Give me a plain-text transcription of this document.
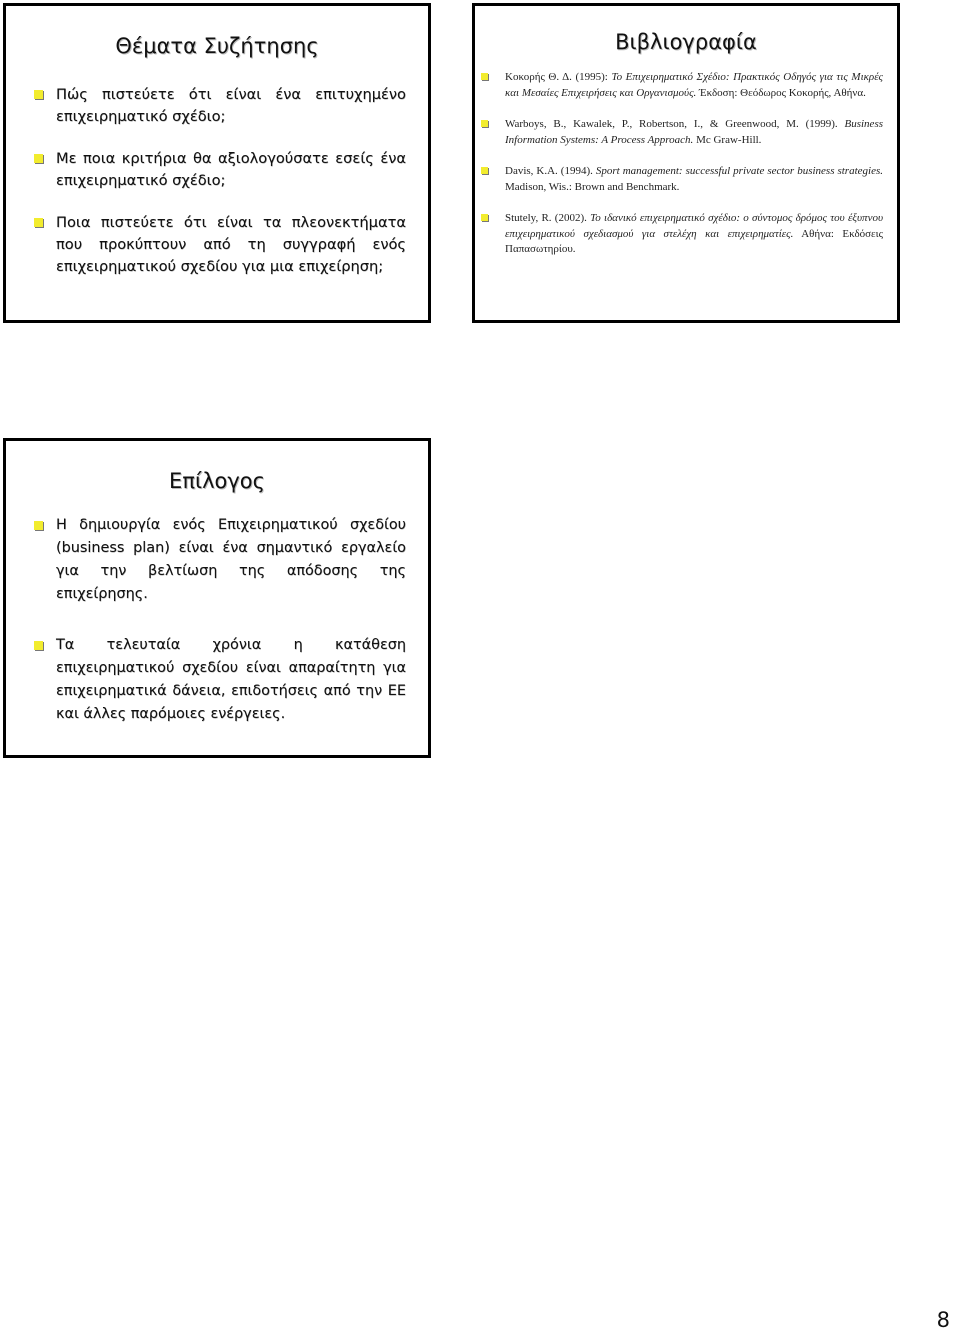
Θέματα Συζήτησης
Πώς πιστεύετε ότι είναι ένα επιτυχημένο επιχειρηματικό σχέδιο;
Με ποια κριτήρια θα αξιολογούσατε εσείς ένα επιχειρηματικό σχέδιο;
Ποια πιστεύετε ότι είναι τα πλεονεκτήματα που προκύπτουν από τη συγγραφή ενός επιχειρηματικού σχεδίου για μια επιχείρηση;
Βιβλιογραφία
Κοκορής Θ. Δ. (1995): Το Επιχειρηματικό Σχέδιο: Πρακτικός Οδηγός για τις Μικρές και Μεσαίες Επιχειρήσεις και Οργανισμούς. Έκδοση: Θεόδωρος Κοκορής, Αθήνα.
Warboys, B., Kawalek, P., Robertson, I., & Greenwood, M. (1999). Business Information Systems: A Process Approach. Mc Graw-Hill.
Davis, K.A. (1994). Sport management: successful private sector business strategies. Madison, Wis.: Brown and Benchmark.
Stutely, R. (2002). Το ιδανικό επιχειρηματικό σχέδιο: ο σύντομος δρόμος του έξυπνου επιχειρηματικού σχεδιασμού για στελέχη και επιχειρηματίες. Αθήνα: Εκδόσεις Παπασωτηρίου.
Επίλογος
Η δημιουργία ενός Επιχειρηματικού σχεδίου (business plan) είναι ένα σημαντικό εργαλείο για την βελτίωση της απόδοσης της επιχείρησης.
Τα τελευταία χρόνια η κατάθεση επιχειρηματικού σχεδίου είναι απαραίτητη για επιχειρηματικά δάνεια, επιδοτήσεις από την ΕΕ και άλλες παρόμοιες ενέργειες.
8
